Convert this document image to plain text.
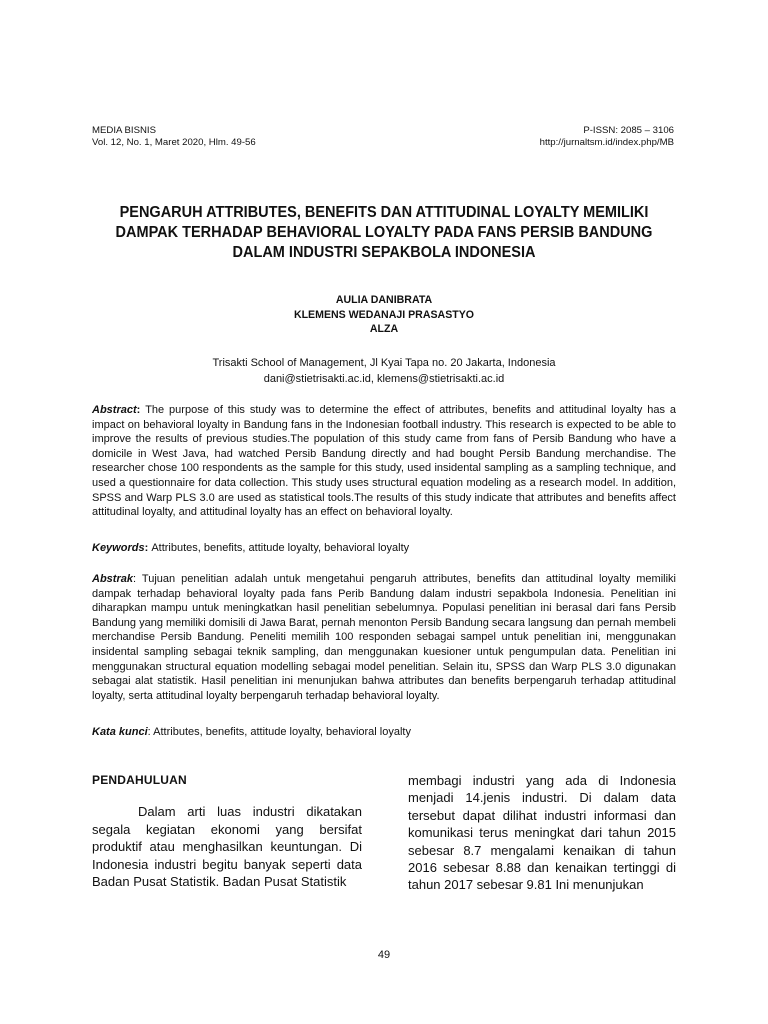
MEDIA BISNIS
Vol. 12, No. 1, Maret 2020, Hlm. 49-56
P-ISSN: 2085 – 3106
http://jurnaltsm.id/index.php/MB
PENGARUH ATTRIBUTES, BENEFITS DAN ATTITUDINAL LOYALTY MEMILIKI DAMPAK TERHADAP BEHAVIORAL LOYALTY PADA FANS PERSIB BANDUNG DALAM INDUSTRI SEPAKBOLA INDONESIA
AULIA DANIBRATA
KLEMENS WEDANAJI PRASASTYO
ALZA
Trisakti School of Management, Jl Kyai Tapa no. 20 Jakarta, Indonesia
dani@stietrisakti.ac.id, klemens@stietrisakti.ac.id

Abstract: The purpose of this study was to determine the effect of attributes, benefits and attitudinal loyalty has a impact on behavioral loyalty in Bandung fans in the Indonesian football industry. This research is expected to be able to improve the results of previous studies.The population of this study came from fans of Persib Bandung who have a domicile in West Java, had watched Persib Bandung directly and had bought Persib Bandung merchandise. The researcher chose 100 respondents as the sample for this study, used insidental sampling as a sampling technique, and used a questionnaire for data collection. This study uses structural equation modeling as a research model. In addition, SPSS and Warp PLS 3.0 are used as statistical tools.The results of this study indicate that attributes and benefits affect attitudinal loyalty, and attitudinal loyalty has an effect on behavioral loyalty.

Keywords: Attributes, benefits, attitude loyalty, behavioral loyalty

Abstrak: Tujuan penelitian adalah untuk mengetahui pengaruh attributes, benefits dan attitudinal loyalty memiliki dampak terhadap behavioral loyalty pada fans Perib Bandung dalam industri sepakbola Indonesia. Penelitian ini diharapkan mampu untuk meningkatkan hasil penelitian sebelumnya. Populasi penelitian ini berasal dari fans Persib Bandung yang memiliki domisili di Jawa Barat, pernah menonton Persib Bandung secara langsung dan pernah membeli merchandise Persib Bandung. Peneliti memilih 100 responden sebagai sampel untuk penelitian ini, menggunakan insidental sampling sebagai teknik sampling, dan menggunakan kuesioner untuk pengumpulan data. Penelitian ini menggunakan structural equation modelling sebagai model penelitian. Selain itu, SPSS dan Warp PLS 3.0 digunakan sebagai alat statistik. Hasil penelitian ini menunjukan bahwa attributes dan benefits berpengaruh terhadap attitudinal loyalty, serta attitudinal loyalty berpengaruh terhadap behavioral loyalty.

Kata kunci: Attributes, benefits, attitude loyalty, behavioral loyalty

PENDAHULUAN

Dalam arti luas industri dikatakan segala kegiatan ekonomi yang bersifat produktif atau menghasilkan keuntungan. Di Indonesia industri begitu banyak seperti data Badan Pusat Statistik. Badan Pusat Statistik

membagi industri yang ada di Indonesia menjadi 14.jenis industri. Di dalam data tersebut dapat dilihat industri informasi dan komunikasi terus meningkat dari tahun 2015 sebesar 8.7 mengalami kenaikan di tahun 2016 sebesar 8.88 dan kenaikan tertinggi di tahun 2017 sebesar 9.81 Ini menunjukan

49
